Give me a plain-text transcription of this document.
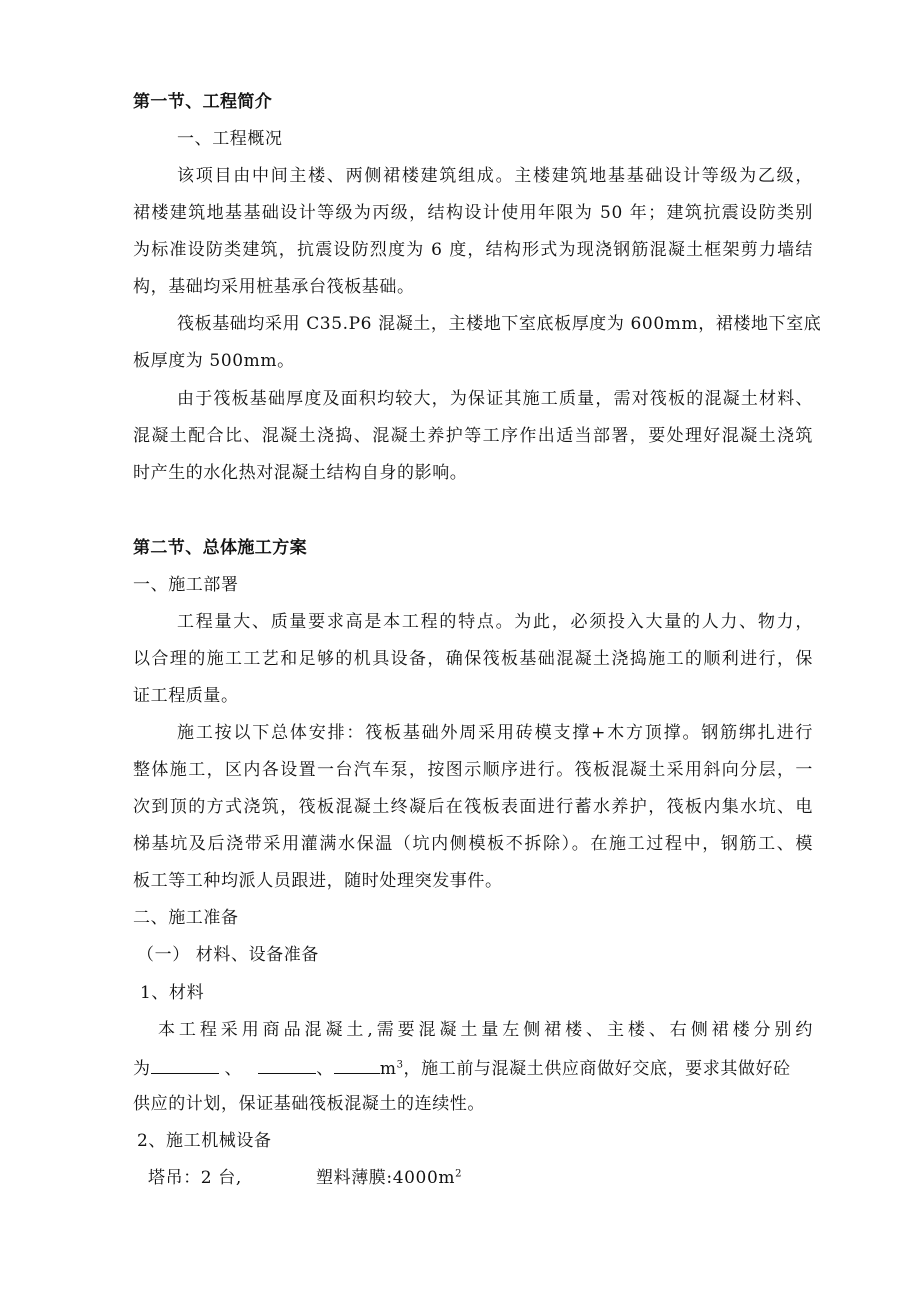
第一节、工程简介
一、工程概况
该项目由中间主楼、两侧裙楼建筑组成。主楼建筑地基基础设计等级为乙级，
裙楼建筑地基基础设计等级为丙级，结构设计使用年限为 50 年；建筑抗震设防类别
为标准设防类建筑，抗震设防烈度为 6 度，结构形式为现浇钢筋混凝土框架剪力墙结
构，基础均采用桩基承台筏板基础。
筏板基础均采用 C35.P6 混凝土，主楼地下室底板厚度为 600mm，裙楼地下室底
板厚度为 500mm。
由于筏板基础厚度及面积均较大，为保证其施工质量，需对筏板的混凝土材料、
混凝土配合比、混凝土浇捣、混凝土养护等工序作出适当部署，要处理好混凝土浇筑
时产生的水化热对混凝土结构自身的影响。
第二节、总体施工方案
一、施工部署
工程量大、质量要求高是本工程的特点。为此，必须投入大量的人力、物力，
以合理的施工工艺和足够的机具设备，确保筏板基础混凝土浇捣施工的顺利进行，保
证工程质量。
施工按以下总体安排：筏板基础外周采用砖模支撑+木方顶撑。钢筋绑扎进行
整体施工，区内各设置一台汽车泵，按图示顺序进行。筏板混凝土采用斜向分层，一
次到顶的方式浇筑，筏板混凝土终凝后在筏板表面进行蓄水养护，筏板内集水坑、电
梯基坑及后浇带采用灌满水保温（坑内侧模板不拆除）。在施工过程中，钢筋工、模
板工等工种均派人员跟进，随时处理突发事件。
二、施工准备
（一） 材料、设备准备
1、材料
本工程采用商品混凝土,需要混凝土量左侧裙楼、主楼、右侧裙楼分别约
为	、	、	$m^3$，施工前与混凝土供应商做好交底，要求其做好砼
供应的计划，保证基础筏板混凝土的连续性。
2、施工机械设备
塔吊：2 台,	塑料薄膜$:4000m^2$
